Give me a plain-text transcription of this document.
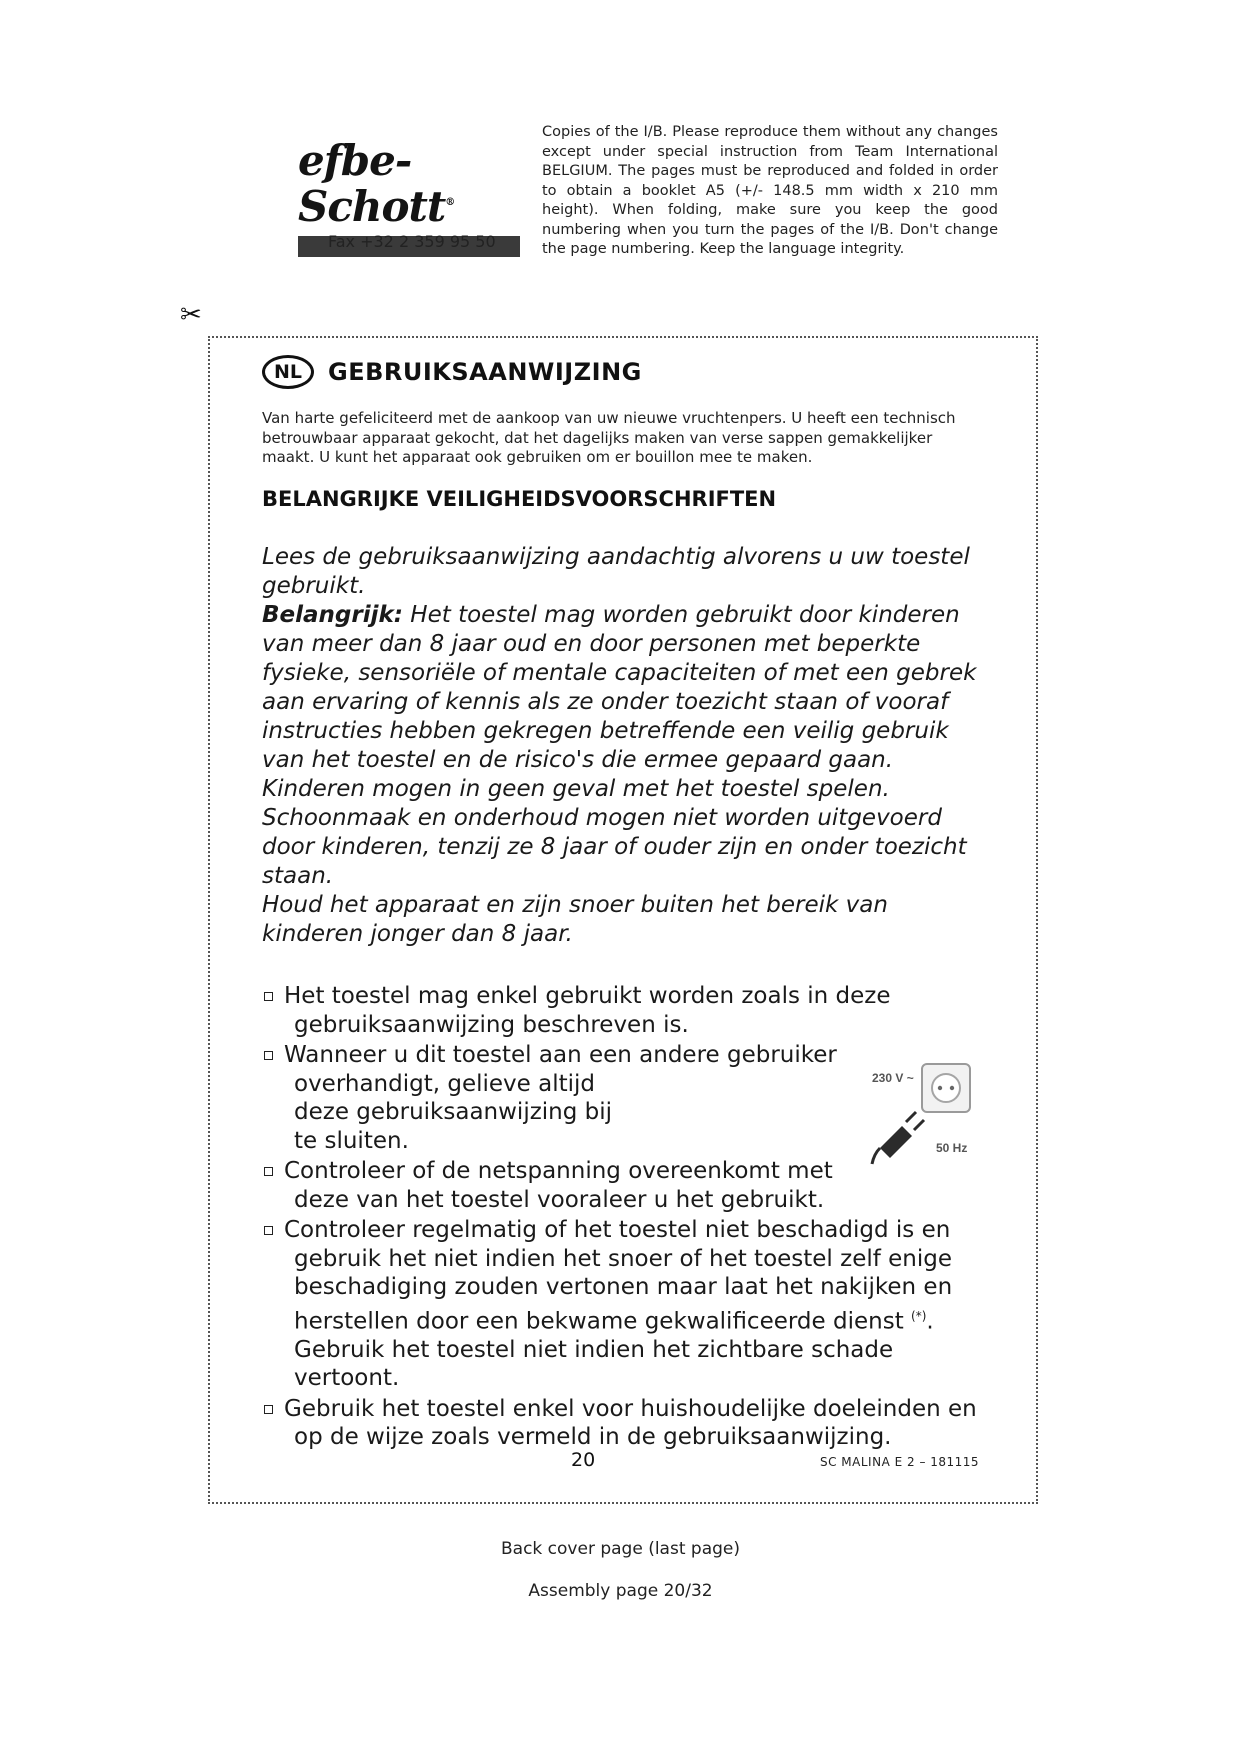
efbe-Schott®
Fax +32 2 359 95 50
Copies of the I/B. Please reproduce them without any changes except under special instruction from Team International BELGIUM. The pages must be reproduced and folded in order to obtain a booklet A5 (+/- 148.5 mm width x 210 mm height). When folding, make sure you keep the good numbering when you turn the pages of the I/B. Don't change the page numbering. Keep the language integrity.
✂
NL	GEBRUIKSAANWIJZING
Van harte gefeliciteerd met de aankoop van uw nieuwe vruchtenpers. U heeft een technisch betrouwbaar apparaat gekocht, dat het dagelijks maken van verse sappen gemakkelijker maakt. U kunt het apparaat ook gebruiken om er bouillon mee te maken.
BELANGRIJKE VEILIGHEIDSVOORSCHRIFTEN

Lees de gebruiksaanwijzing aandachtig alvorens u uw toestel gebruikt.

Belangrijk: Het toestel mag worden gebruikt door kinderen van meer dan 8 jaar oud en door personen met beperkte fysieke, sensoriële of mentale capaciteiten of met een gebrek aan ervaring of kennis als ze onder toezicht staan of vooraf instructies hebben gekregen betreffende een veilig gebruik van het toestel en de risico's die ermee gepaard gaan.

Kinderen mogen in geen geval met het toestel spelen.

Schoonmaak en onderhoud mogen niet worden uitgevoerd door kinderen, tenzij ze 8 jaar of ouder zijn en onder toezicht staan.

Houd het apparaat en zijn snoer buiten het bereik van kinderen jonger dan 8 jaar.

Het toestel mag enkel gebruikt worden zoals in deze
gebruiksaanwijzing beschreven is.
Wanneer u dit toestel aan een andere gebruiker
overhandigt, gelieve altijd deze gebruiksaanwijzing bij te sluiten.
Controleer of de netspanning overeenkomt met
deze van het toestel vooraleer u het gebruikt.
Controleer regelmatig of het toestel niet beschadigd is en
gebruik het niet indien het snoer of het toestel zelf enige beschadiging zouden vertonen maar laat het nakijken en herstellen door een bekwame gekwalificeerde dienst (*). Gebruik het toestel niet indien het zichtbare schade vertoont.
Gebruik het toestel enkel voor huishoudelijke doeleinden en
op de wijze zoals vermeld in de gebruiksaanwijzing.
230 V ~
50 Hz
20	SC MALINA E 2 – 181115
Back cover page (last page)
Assembly page 20/32
